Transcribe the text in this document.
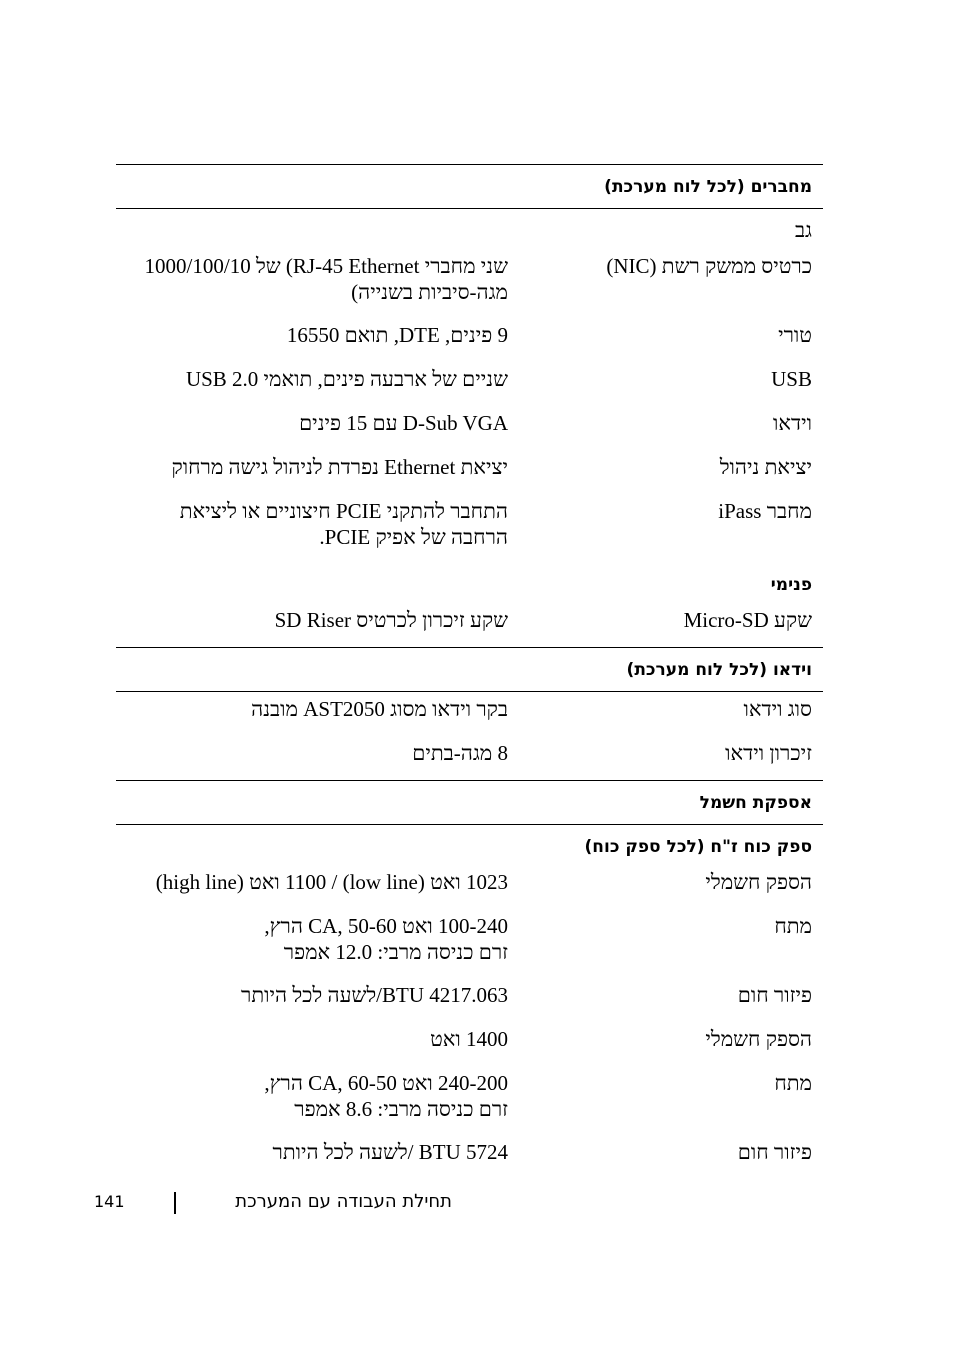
מחברים (לכל לוח מערכת)
גב
כרטיס ממשק רשת (NIC)
שני מחברי RJ-45 Ethernet) של 1000/100/10
מגה-סיביות בשנייה)
טורי
9 פינים, DTE, תואם 16550
USB
שניים של ארבעה פינים, תואמי USB 2.0
וידאו
D-Sub VGA עם 15 פינים
יציאת ניהול
יציאת Ethernet נפרדת לניהול גישה מרחוק
מחבר iPass
התחבר להתקני PCIE חיצוניים או ליציאת
הרחבה של אפיק PCIE.
פנימי
שקע Micro-SD
שקע זיכרון לכרטיס SD Riser
וידאו (לכל לוח מערכת)
סוג וידאו
בקר וידאו מסוג AST2050 מובנה
זיכרון וידאו
8 מגה-בתים
אספקת חשמל
ספק כוח ז"ח (לכל ספק כוח)
הספק חשמלי
1023 ואט (low line) / 1100 ואט (high line)
מתח
100-240 ואט CA, 50-60 הרץ,
זרם כניסה מרבי: 12.0 אמפר
פיזור חום
BTU 4217.063/לשעה לכל היותר
הספק חשמלי
1400 ואט
מתח
240-200 ואט CA, 60-50 הרץ,
זרם כניסה מרבי: 8.6 אמפר
פיזור חום
BTU 5724 /לשעה לכל היותר
תחילת העבודה עם המערכת
141
